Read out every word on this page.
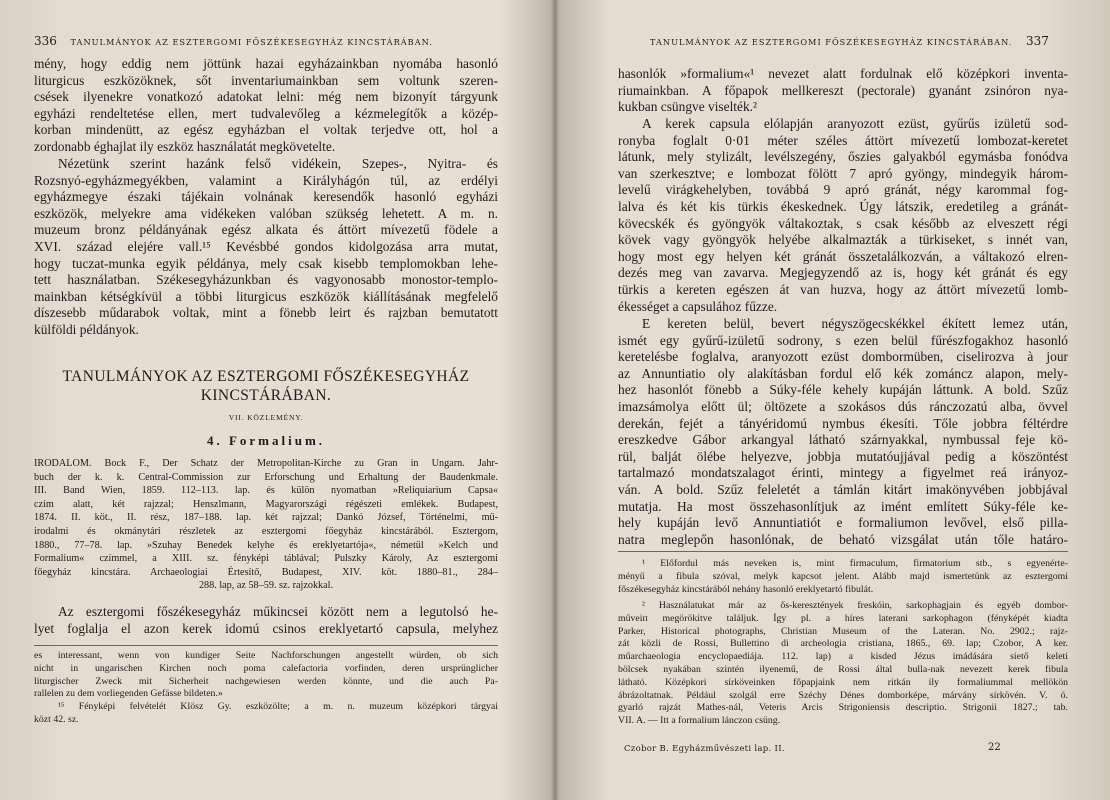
336 TANULMÁNYOK AZ ESZTERGOMI FŐSZÉKESEGYHÁZ KINCSTÁRÁBAN.
mény, hogy eddig nem jöttünk hazai egyházainkban nyomába hasonló
liturgicus eszközöknek, sőt inventariumainkban sem voltunk szeren-
csések ilyenekre vonatkozó adatokat lelni: még nem bizonyít tárgyunk
egyházi rendeltetése ellen, mert tudvalevőleg a kézmelegítők a közép-
korban mindenütt, az egész egyházban el voltak terjedve ott, hol a
zordonabb éghajlat ily eszköz használatát megkövetelte.
Nézetünk szerint hazánk felső vidékein, Szepes-, Nyitra- és
Rozsnyó-egyházmegyékben, valamint a Királyhágón túl, az erdélyi
egyházmegye északi tájékain volnának keresendők hasonló egyházi
eszközök, melyekre ama vidékeken valóban szükség lehetett. A m. n.
muzeum bronz példányának egész alkata és áttört mívezetű födele a
XVI. század elejére vall.¹⁵ Kevésbbé gondos kidolgozása arra mutat,
hogy tuczat-munka egyik példánya, mely csak kisebb templomokban lehe-
tett használatban. Székesegyházunkban és vagyonosabb monostor-templo-
mainkban kétségkívül a többi liturgicus eszközök kiállításának megfelelő
díszesebb műdarabok voltak, mint a fönebb leirt és rajzban bemutatott
külföldi példányok.

TANULMÁNYOK AZ ESZTERGOMI FŐSZÉKESEGYHÁZ

KINCSTÁRÁBAN.

VII. KÖZLEMÉNY.

4. Formalium.

IRODALOM. Bock F., Der Schatz der Metropolitan-Kirche zu Gran in Ungarn. Jahr-
buch der k. k. Central-Commission zur Erforschung und Erhaltung der Baudenkmale.
III. Band Wien, 1859. 112–113. lap. és külön nyomatban »Reliquiarium Capsa«
czím alatt, két rajzzal; Henszlmann, Magyarországi régészeti emlékek. Budapest,
1874. II. köt., II. rész, 187–188. lap. két rajzzal; Dankó József, Történelmi, mű-
irodalmi és okmánytári részletek az esztergomi főegyház kincstárából. Esztergom,
1880., 77–78. lap. »Szuhay Benedek kelyhe és ereklyetartója«, németül »Kelch und
Formalium« czímmel, a XIII. sz. fényképi táblával; Pulszky Károly, Az esztergomi
főegyház kincstára. Archaeologiai Értesítő, Budapest, XIV. köt. 1880–81., 284–
288. lap, az 58–59. sz. rajzokkal.
Az esztergomi főszékesegyház műkincsei között nem a legutolsó he-
lyet foglalja el azon kerek idomú csinos ereklyetartó capsula, melyhez
es interessant, wenn von kundiger Seite Nachforschungen angestellt würden, ob sich
nicht in ungarischen Kirchen noch poma calefactoria vorfinden, deren ursprünglicher
liturgischer Zweck mit Sicherheit nachgewiesen werden könnte, und die auch Pa-
rallelen zu dem vorliegenden Gefässe bildeten.»
¹⁵ Fényképi felvételét Klösz Gy. eszközölte; a m. n. muzeum középkori tárgyai
közt 42. sz.
TANULMÁNYOK AZ ESZTERGOMI FŐSZÉKESEGYHÁZ KINCSTÁRÁBAN. 337
hasonlók »formalium«¹ nevezet alatt fordulnak elő középkori inventa-
riumainkban. A főpapok mellkereszt (pectorale) gyanánt zsinóron nya-
kukban csüngve viselték.²
A kerek capsula elólapján aranyozott ezüst, gyűrűs izületű sod-
ronyba foglalt 0·01 méter széles áttört mívezetű lombozat-keretet
látunk, mely stylizált, levélszegény, őszies galyakból egymásba fonódva
van szerkesztve; e lombozat fölött 7 apró gyöngy, mindegyik három-
levelű virágkehelyben, továbbá 9 apró gránát, négy karommal fog-
lalva és két kis türkis ékeskednek. Úgy látszik, eredetileg a gránát-
kövecskék és gyöngyök váltakoztak, s csak később az elveszett régi
kövek vagy gyöngyök helyébe alkalmazták a türkiseket, s innét van,
hogy most egy helyen két gránát összetalálkozván, a váltakozó elren-
dezés meg van zavarva. Megjegyzendő az is, hogy két gránát és egy
türkis a kereten egészen át van huzva, hogy az áttört mívezetű lomb-
ékességet a capsulához fűzze.
E kereten belül, bevert négyszögecskékkel ékített lemez után,
ismét egy gyűrű-izületű sodrony, s ezen belül fűrészfogakhoz hasonló
keretelésbe foglalva, aranyozott ezüst dombormüben, ciselirozva à jour
az Annuntiatio oly alakításban fordul elő kék zománcz alapon, mely-
hez hasonlót fönebb a Súky-féle kehely kupáján láttunk. A bold. Szűz
imazsámolya előtt ül; öltözete a szokásos dús ránczozatú alba, övvel
derekán, fejét a tányéridomú nymbus ékesíti. Tőle jobbra féltérdre
ereszkedve Gábor arkangyal látható szárnyakkal, nymbussal feje kö-
rül, balját ölébe helyezve, jobbja mutatóujjával pedig a köszöntést
tartalmazó mondatszalagot érinti, mintegy a figyelmet reá irányoz-
ván. A bold. Szűz feleletét a támlán kitárt imakönyvében jobbjával
mutatja. Ha most összehasonlítjuk az imént említett Súky-féle ke-
hely kupáján levő Annuntiatiót e formaliumon levővel, első pilla-
natra meglepőn hasonlónak, de beható vizsgálat után tőle határo-
¹ Előfordul más neveken is, mint firmaculum, firmatorium stb., s egyenérte-
ményű a fibula szóval, melyk kapcsot jelent. Alább majd ismertetünk az esztergomi
főszékesegyház kincstárából nehány hasonló ereklyetartó fibulát.
² Használatukat már az ős-keresztények freskóin, sarkophagjain és egyéb dombor-
műveiп megörökítve találjuk. Így pl. a híres laterani sarkophagon (fényképét kiadta
Parker, Historical photographs, Christian Museum of the Lateran. No. 2902.; rajz-
zát közli de Rossi, Bullettino di archeologia cristiana, 1865., 69. lap; Czobor, A ker.
műarchaeologia encyclopaediája. 112. lap) a kisded Jézus imádására siető keleti
bölcsek nyakában szintén ilyenemű, de Rossi által bulla-nak nevezett kerek fibula
látható. Középkori sírköveinken főpapjaink nem ritkán ily formaliummal mellökön
ábrázoltatnak. Például szolgál erre Széchy Dénes domborképe, márvány sírkövén. V. ö.
gyarló rajzát Mathes-nál, Veteris Arcis Strigoniensis descriptio. Strigonii 1827.; tab.
VII. A. — Itt a formalium lánczon csüng.
Czobor B. Egyházművészeti lap. II.	22
